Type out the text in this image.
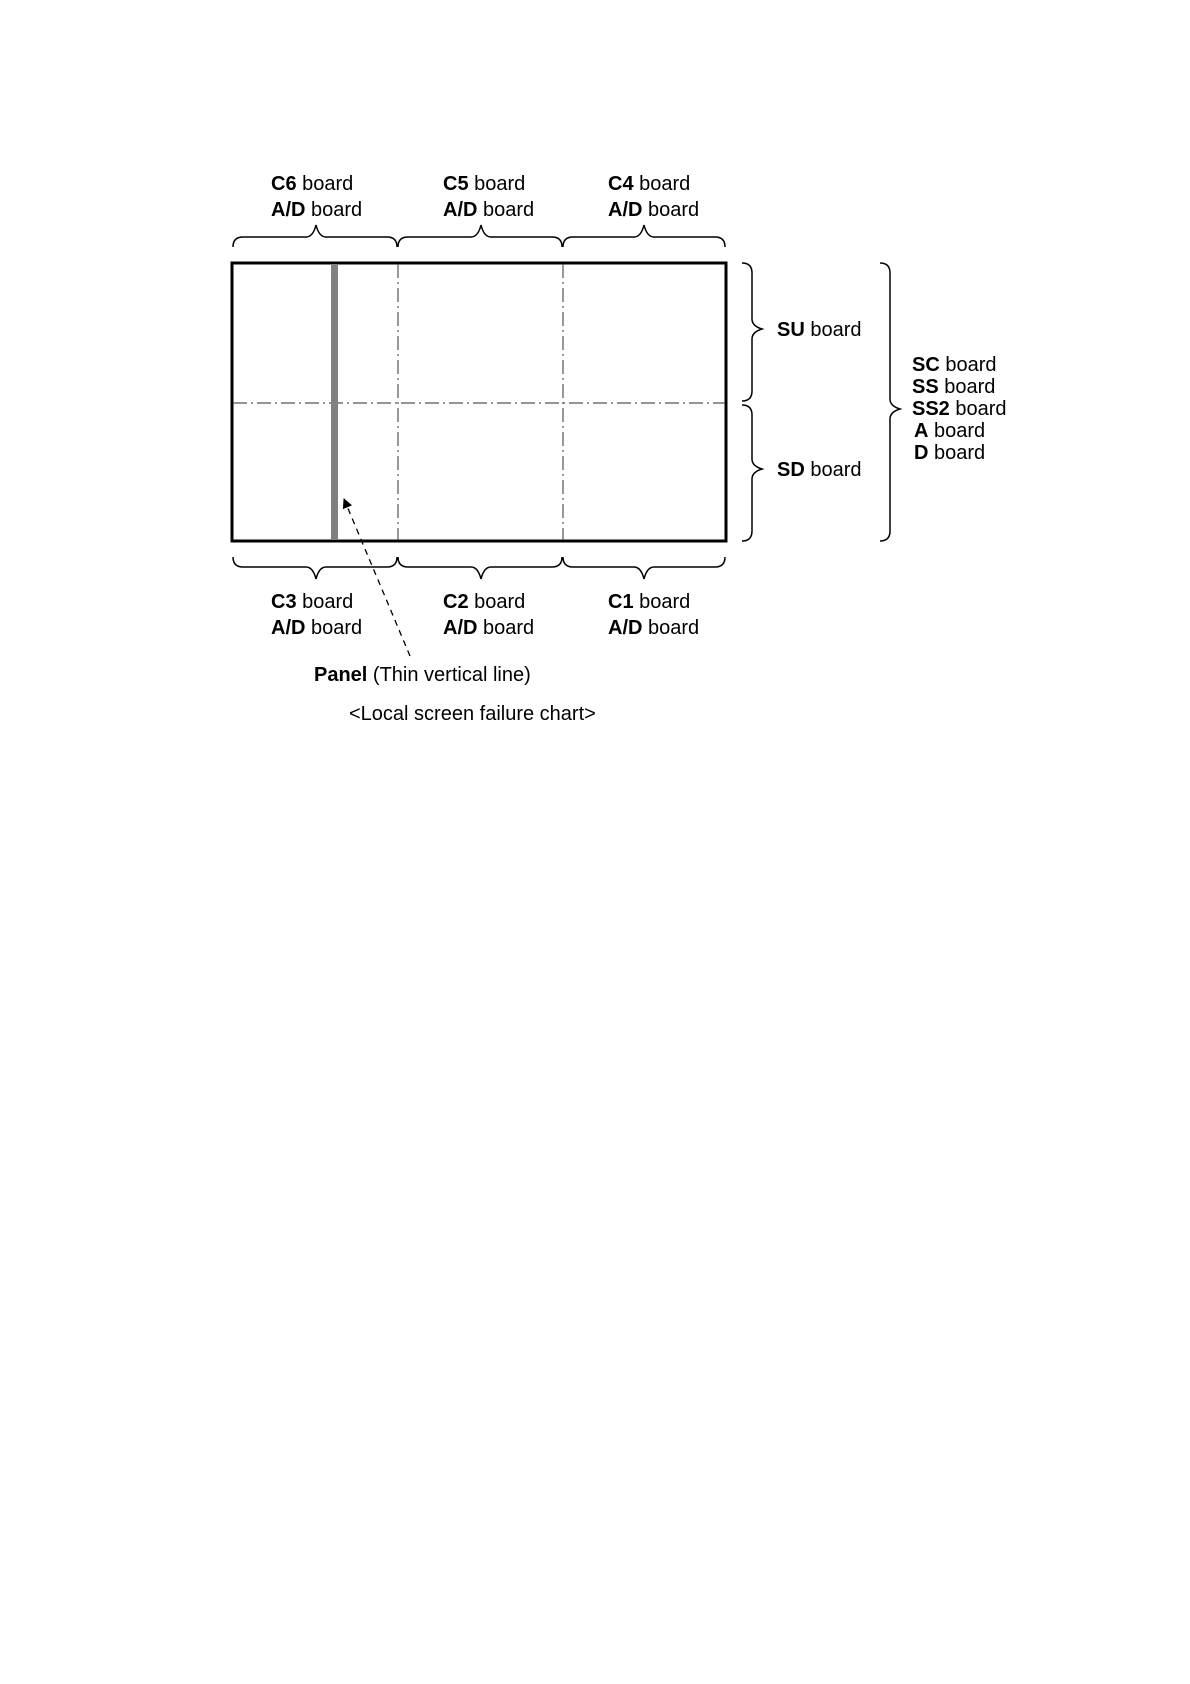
C6 board
A/D board
C5 board
A/D board
C4 board
A/D board
C3 board
A/D board
C2 board
A/D board
C1 board
A/D board
SU board
SD board
SC board
SS board
SS2 board
A board
D board
Panel (Thin vertical line)
<Local screen failure chart>
